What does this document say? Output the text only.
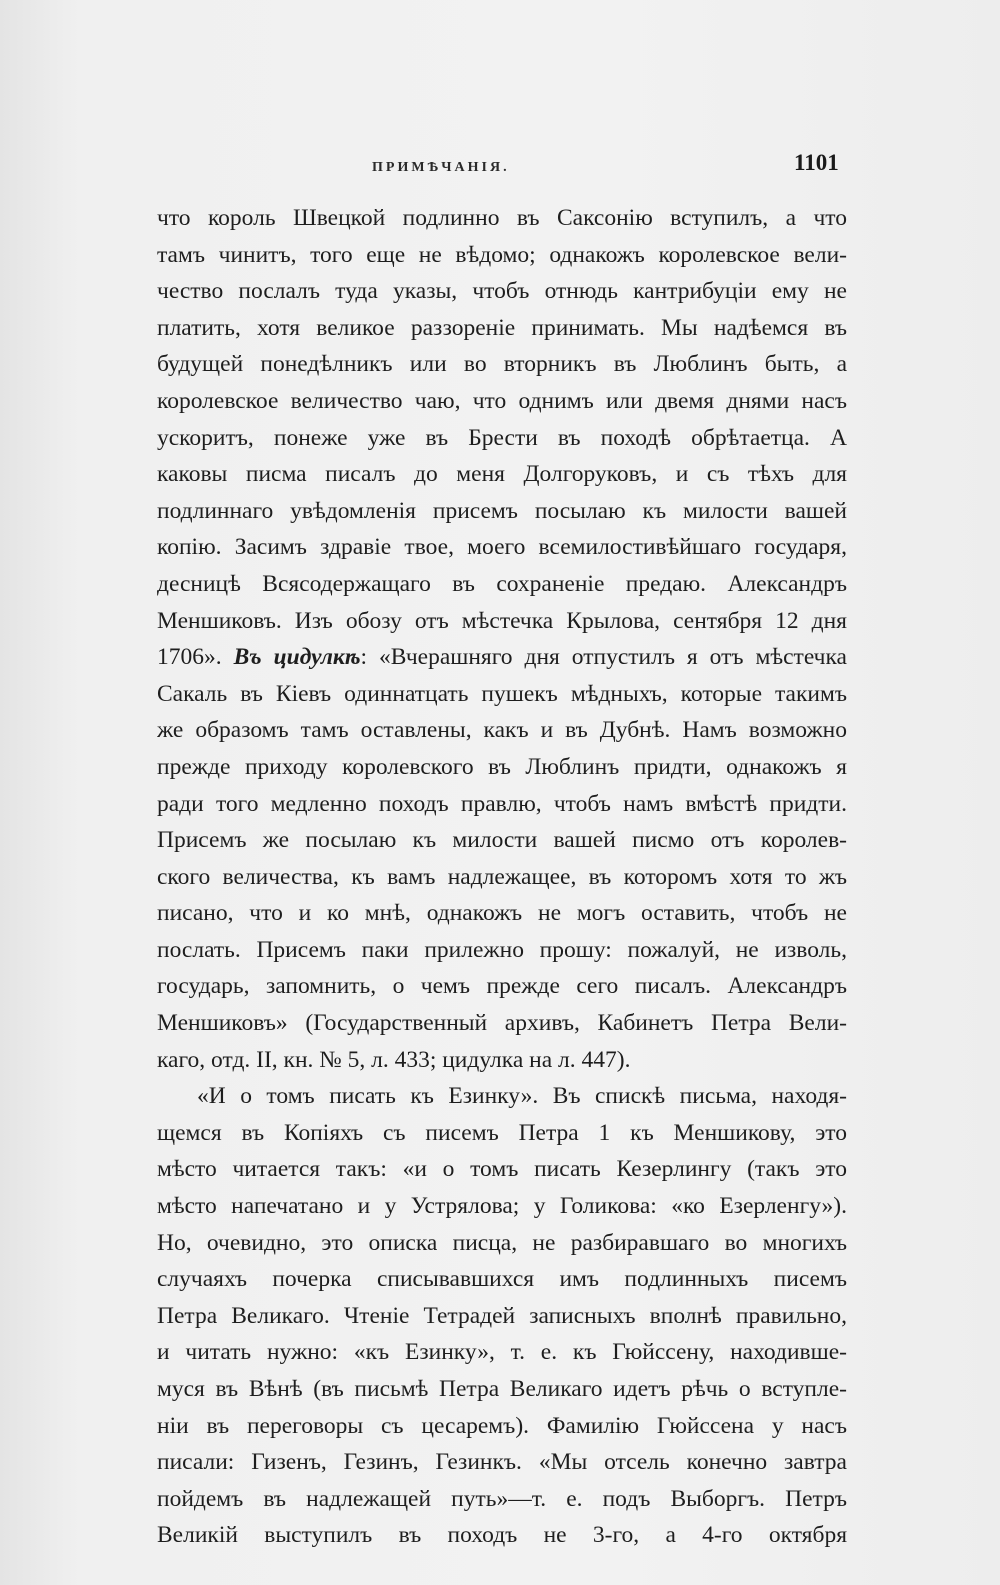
ПРИМѢЧАНІЯ.	1101
что король Швецкой подлинно въ Саксонію вступилъ, а что
тамъ чинитъ, того еще не вѣдомо; однакожъ королевское вели-
чество послалъ туда указы, чтобъ отнюдь кантрибуціи ему не
платить, хотя великое раззореніе принимать. Мы надѣемся въ
будущей понедѣлникъ или во вторникъ въ Люблинъ быть, а
королевское величество чаю, что однимъ или двемя днями насъ
ускоритъ, понеже уже въ Брести въ походѣ обрѣтаетца. А
каковы писма писалъ до меня Долгоруковъ, и съ тѣхъ для
подлиннаго увѣдомленія присемъ посылаю къ милости вашей
копію. Засимъ здравіе твое, моего всемилостивѣйшаго государя,
десницѣ Всясодержащаго въ сохраненіе предаю. Александръ
Меншиковъ. Изъ обозу отъ мѣстечка Крылова, сентября 12 дня
1706». Въ цидулкѣ: «Вчерашняго дня отпустилъ я отъ мѣстечка
Сакаль въ Кіевъ одиннатцать пушекъ мѣдныхъ, которые такимъ
же образомъ тамъ оставлены, какъ и въ Дубнѣ. Намъ возможно
прежде приходу королевского въ Люблинъ придти, однакожъ я
ради того медленно походъ правлю, чтобъ намъ вмѣстѣ придти.
Присемъ же посылаю къ милости вашей писмо отъ королев-
ского величества, къ вамъ надлежащее, въ которомъ хотя то жъ
писано, что и ко мнѣ, однакожъ не могъ оставить, чтобъ не
послать. Присемъ паки прилежно прошу: пожалуй, не изволь,
государь, запомнить, о чемъ прежде сего писалъ. Александръ
Меншиковъ» (Государственный архивъ, Кабинетъ Петра Вели-
каго, отд. II, кн. № 5, л. 433; цидулка на л. 447).
«И о томъ писать къ Езинку». Въ спискѣ письма, находя-
щемся въ Копіяхъ съ писемъ Петра 1 къ Меншикову, это
мѣсто читается такъ: «и о томъ писать Кезерлингу (такъ это
мѣсто напечатано и у Устрялова; у Голикова: «ко Езерленгу»).
Но, очевидно, это описка писца, не разбиравшаго во многихъ
случаяхъ почерка списывавшихся имъ подлинныхъ писемъ
Петра Великаго. Чтеніе Тетрадей записныхъ вполнѣ правильно,
и читать нужно: «къ Езинку», т. е. къ Гюйссену, находивше-
муся въ Вѣнѣ (въ письмѣ Петра Великаго идетъ рѣчь о вступле-
ніи въ переговоры съ цесаремъ). Фамилію Гюйссена у насъ
писали: Гизенъ, Гезинъ, Гезинкъ. «Мы отсель конечно завтра
пойдемъ въ надлежащей путь»—т. е. подъ Выборгъ. Петръ
Великій выступилъ въ походъ не 3-го, а 4-го октября
